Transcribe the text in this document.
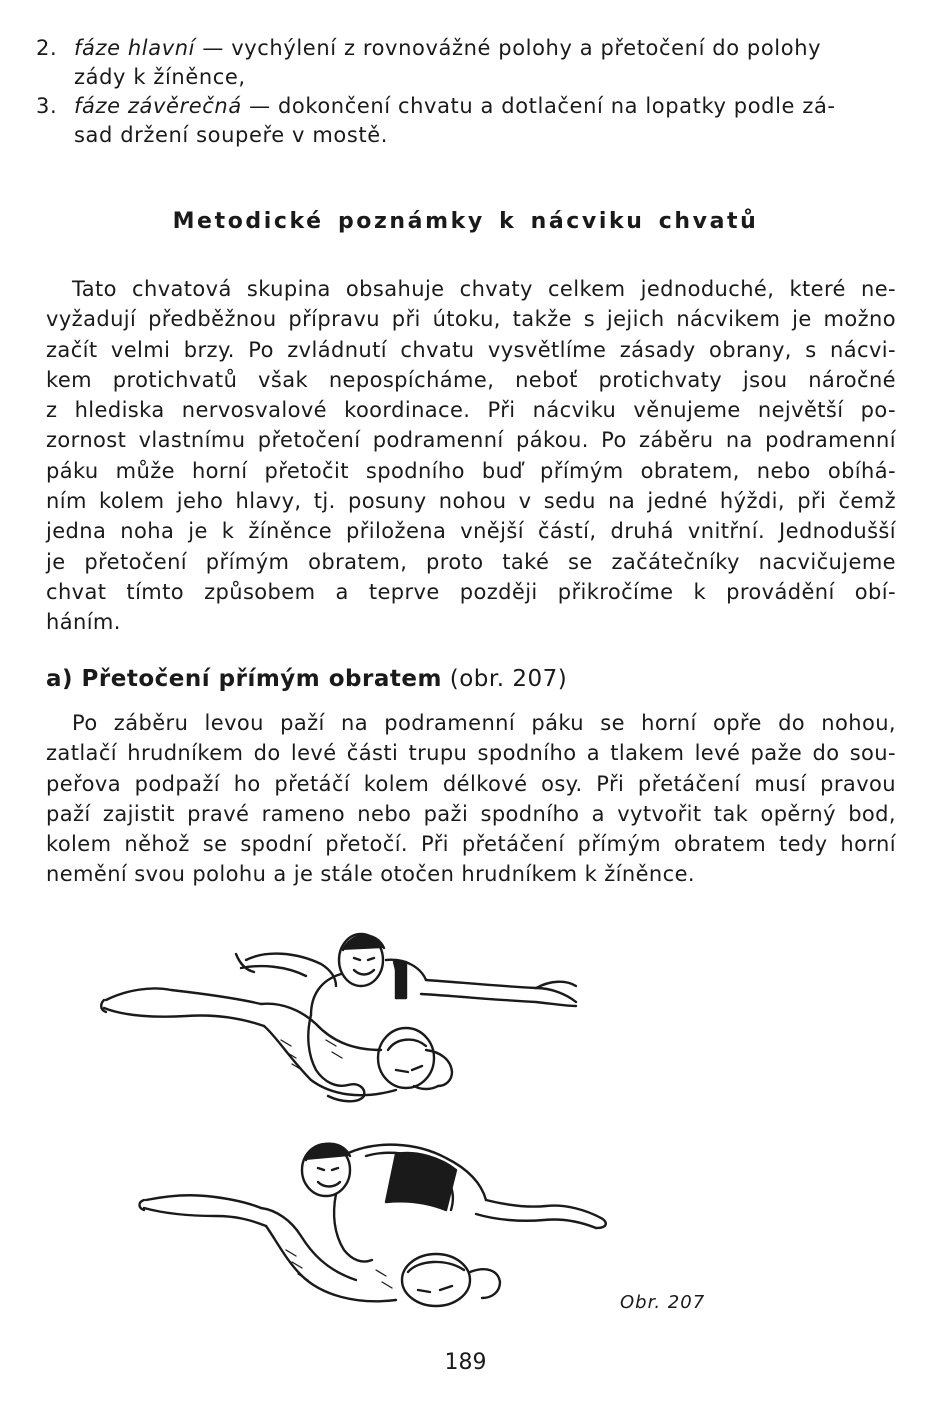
2. fáze hlavní — vychýlení z rovnovážné polohy a přetočení do polohy
zády k žíněnce,
3. fáze závěrečná — dokončení chvatu a dotlačení na lopatky podle zá-
sad držení soupeře v mostě.
Metodické poznámky k nácviku chvatů
Tato chvatová skupina obsahuje chvaty celkem jednoduché, které ne-
vyžadují předběžnou přípravu při útoku, takže s jejich nácvikem je možno
začít velmi brzy. Po zvládnutí chvatu vysvětlíme zásady obrany, s nácvi-
kem protichvatů však nepospícháme, neboť protichvaty jsou náročné
z hlediska nervosvalové koordinace. Při nácviku věnujeme největší po-
zornost vlastnímu přetočení podramenní pákou. Po záběru na podramenní
páku může horní přetočit spodního buď přímým obratem, nebo obíhá-
ním kolem jeho hlavy, tj. posuny nohou v sedu na jedné hýždi, při čemž
jedna noha je k žíněnce přiložena vnější částí, druhá vnitřní. Jednodušší
je přetočení přímým obratem, proto také se začátečníky nacvičujeme
chvat tímto způsobem a teprve později přikročíme k provádění obí-
háním.
a) Přetočení přímým obratem (obr. 207)
Po záběru levou paží na podramenní páku se horní opře do nohou,
zatlačí hrudníkem do levé části trupu spodního a tlakem levé paže do sou-
peřova podpaží ho přetáčí kolem délkové osy. Při přetáčení musí pravou
paží zajistit pravé rameno nebo paži spodního a vytvořit tak opěrný bod,
kolem něhož se spodní přetočí. Při přetáčení přímým obratem tedy horní
nemění svou polohu a je stále otočen hrudníkem k žíněnce.
Obr. 207
189
